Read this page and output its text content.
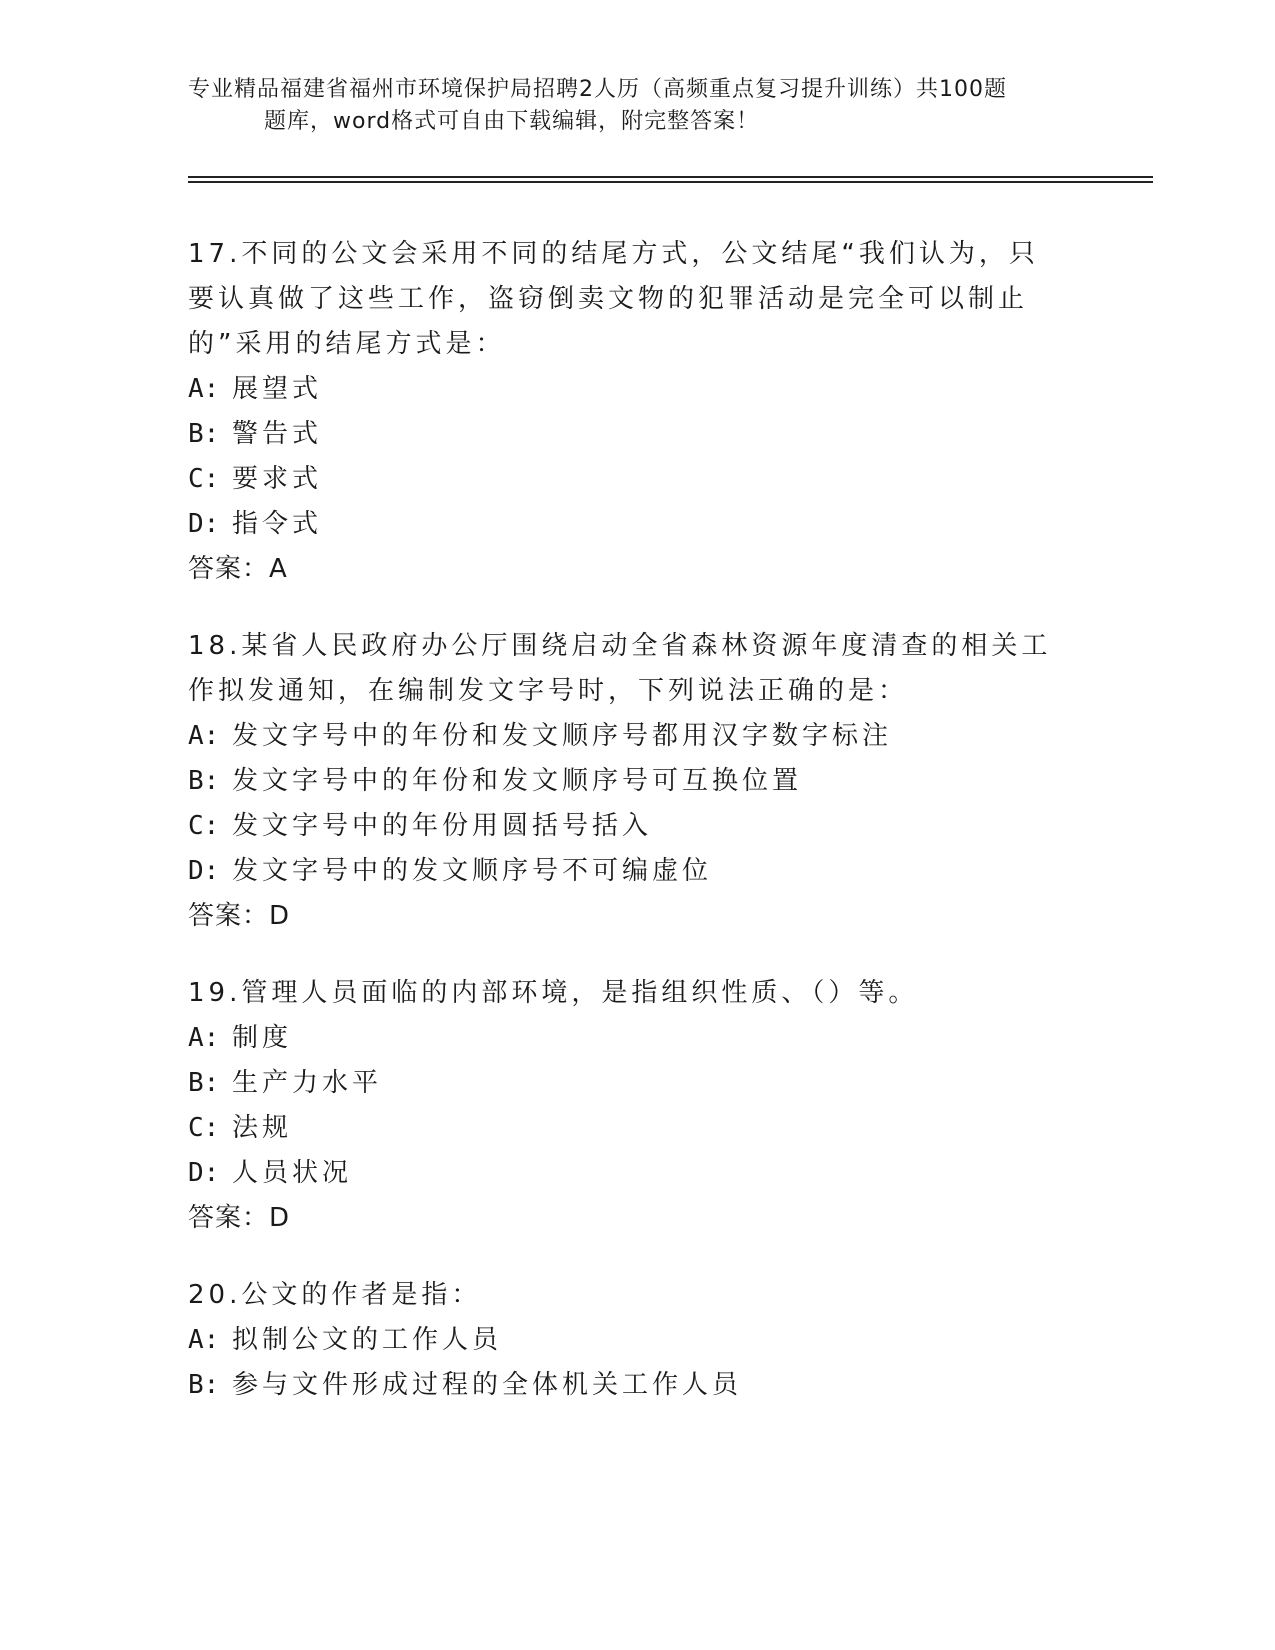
专业精品福建省福州市环境保护局招聘2人历（高频重点复习提升训练）共100题
题库，word格式可自由下载编辑，附完整答案！
17.不同的公文会采用不同的结尾方式，公文结尾“我们认为，只要认真做了这些工作，盗窃倒卖文物的犯罪活动是完全可以制止的”采用的结尾方式是：
A: 展望式
B: 警告式
C: 要求式
D: 指令式
答案：A
18.某省人民政府办公厅围绕启动全省森林资源年度清查的相关工作拟发通知，在编制发文字号时，下列说法正确的是：
A: 发文字号中的年份和发文顺序号都用汉字数字标注
B: 发文字号中的年份和发文顺序号可互换位置
C: 发文字号中的年份用圆括号括入
D: 发文字号中的发文顺序号不可编虚位
答案：D
19.管理人员面临的内部环境，是指组织性质、（）等。
A: 制度
B: 生产力水平
C: 法规
D: 人员状况
答案：D
20.公文的作者是指：
A: 拟制公文的工作人员
B: 参与文件形成过程的全体机关工作人员
